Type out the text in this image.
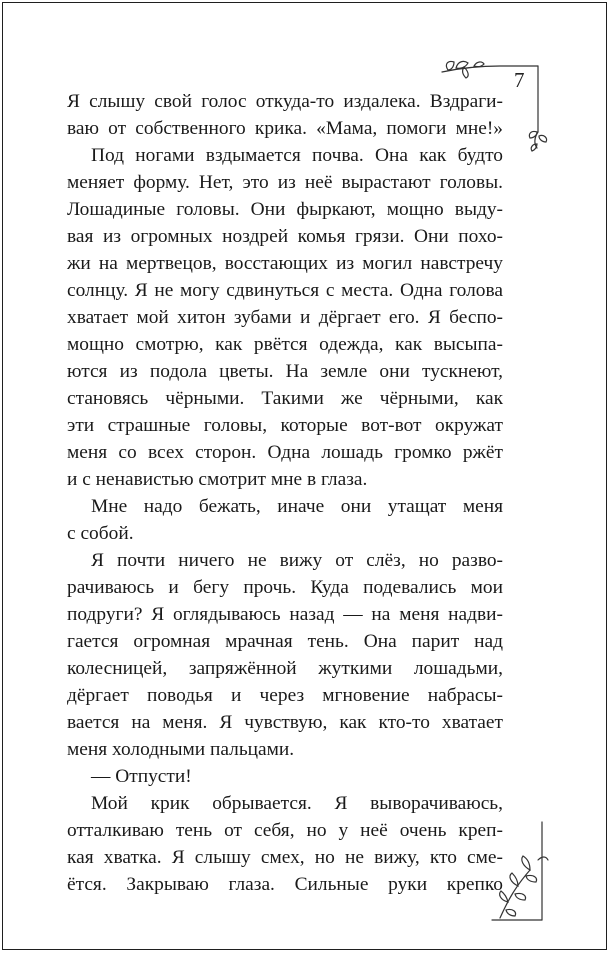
7
Я слышу свой голос откуда-то издалека. Вздраги-
ваю от собственного крика. «Мама, помоги мне!»
Под ногами вздымается почва. Она как будто
меняет форму. Нет, это из неё вырастают головы.
Лошадиные головы. Они фыркают, мощно выду-
вая из огромных ноздрей комья грязи. Они похо-
жи на мертвецов, восстающих из могил навстречу
солнцу. Я не могу сдвинуться с места. Одна голова
хватает мой хитон зубами и дёргает его. Я беспо-
мощно смотрю, как рвётся одежда, как высыпа-
ются из подола цветы. На земле они тускнеют,
становясь чёрными. Такими же чёрными, как
эти страшные головы, которые вот-вот окружат
меня со всех сторон. Одна лошадь громко ржёт
и с ненавистью смотрит мне в глаза.
Мне надо бежать, иначе они утащат меня
с собой.
Я почти ничего не вижу от слёз, но разво-
рачиваюсь и бегу прочь. Куда подевались мои
подруги? Я оглядываюсь назад — на меня надви-
гается огромная мрачная тень. Она парит над
колесницей, запряжённой жуткими лошадьми,
дёргает поводья и через мгновение набрасы-
вается на меня. Я чувствую, как кто-то хватает
меня холодными пальцами.
— Отпусти!
Мой крик обрывается. Я выворачиваюсь,
отталкиваю тень от себя, но у неё очень креп-
кая хватка. Я слышу смех, но не вижу, кто сме-
ётся. Закрываю глаза. Сильные руки крепко
